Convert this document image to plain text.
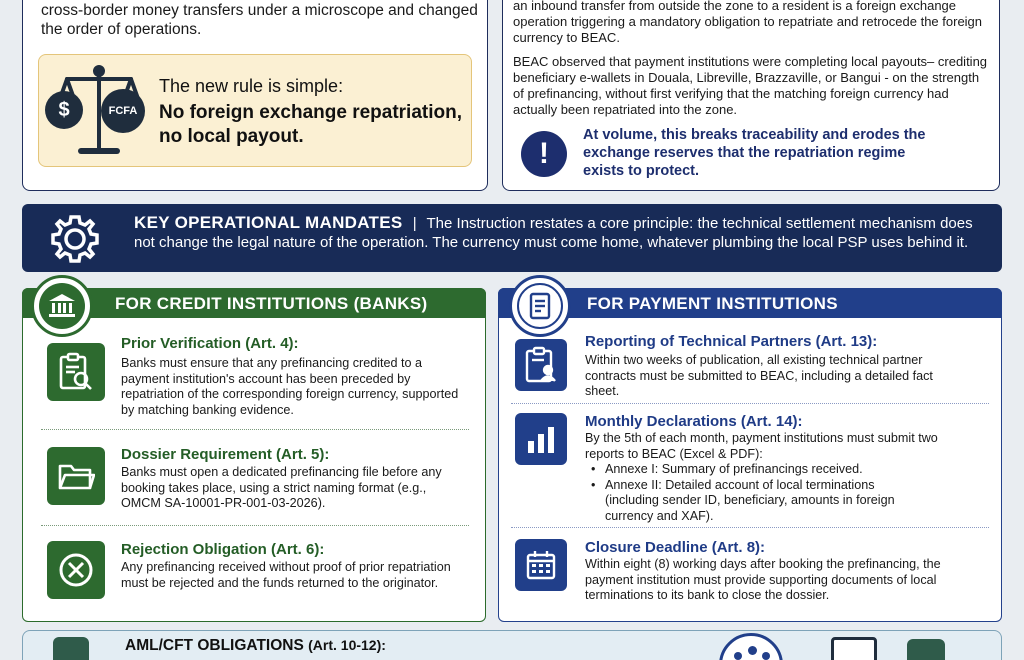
cross-border money transfers under a microscope and changed the order of operations.
$	FCFA
The new rule is simple:
No foreign exchange repatriation, no local payout.
an inbound transfer from outside the zone to a resident is a foreign exchange operation triggering a mandatory obligation to repatriate and retrocede the foreign currency to BEAC.
BEAC observed that payment institutions were completing local payouts– crediting beneficiary e-wallets in Douala, Libreville, Brazzaville, or Bangui - on the strength of prefinancing, without first verifying that the matching foreign currency had actually been repatriated into the zone.
!
At volume, this breaks traceability and erodes the exchange reserves that the repatriation regime exists to protect.
KEY OPERATIONAL MANDATES | The Instruction restates a core principle: the technical settlement mechanism does not change the legal nature of the operation. The currency must come home, whatever plumbing the local PSP uses behind it.
FOR CREDIT INSTITUTIONS (BANKS)
Prior Verification (Art. 4):
Banks must ensure that any prefinancing credited to a payment institution's account has been preceded by repatriation of the corresponding foreign currency, supported by matching banking evidence.
Dossier Requirement (Art. 5):
Banks must open a dedicated prefinancing file before any booking takes place, using a strict naming format (e.g., OMCM SA-10001-PR-001-03-2026).
Rejection Obligation (Art. 6):
Any prefinancing received without proof of prior repatriation must be rejected and the funds returned to the originator.
FOR PAYMENT INSTITUTIONS
Reporting of Technical Partners (Art. 13):
Within two weeks of publication, all existing technical partner contracts must be submitted to BEAC, including a detailed fact sheet.
Monthly Declarations (Art. 14):
By the 5th of each month, payment institutions must submit two reports to BEAC (Excel & PDF):
• Annexe I: Summary of prefinancings received.
• Annexe II: Detailed account of local terminations (including sender ID, beneficiary, amounts in foreign currency and XAF).
Closure Deadline (Art. 8):
Within eight (8) working days after booking the prefinancing, the payment institution must provide supporting documents of local terminations to its bank to close the dossier.
AML/CFT OBLIGATIONS (Art. 10-12):
